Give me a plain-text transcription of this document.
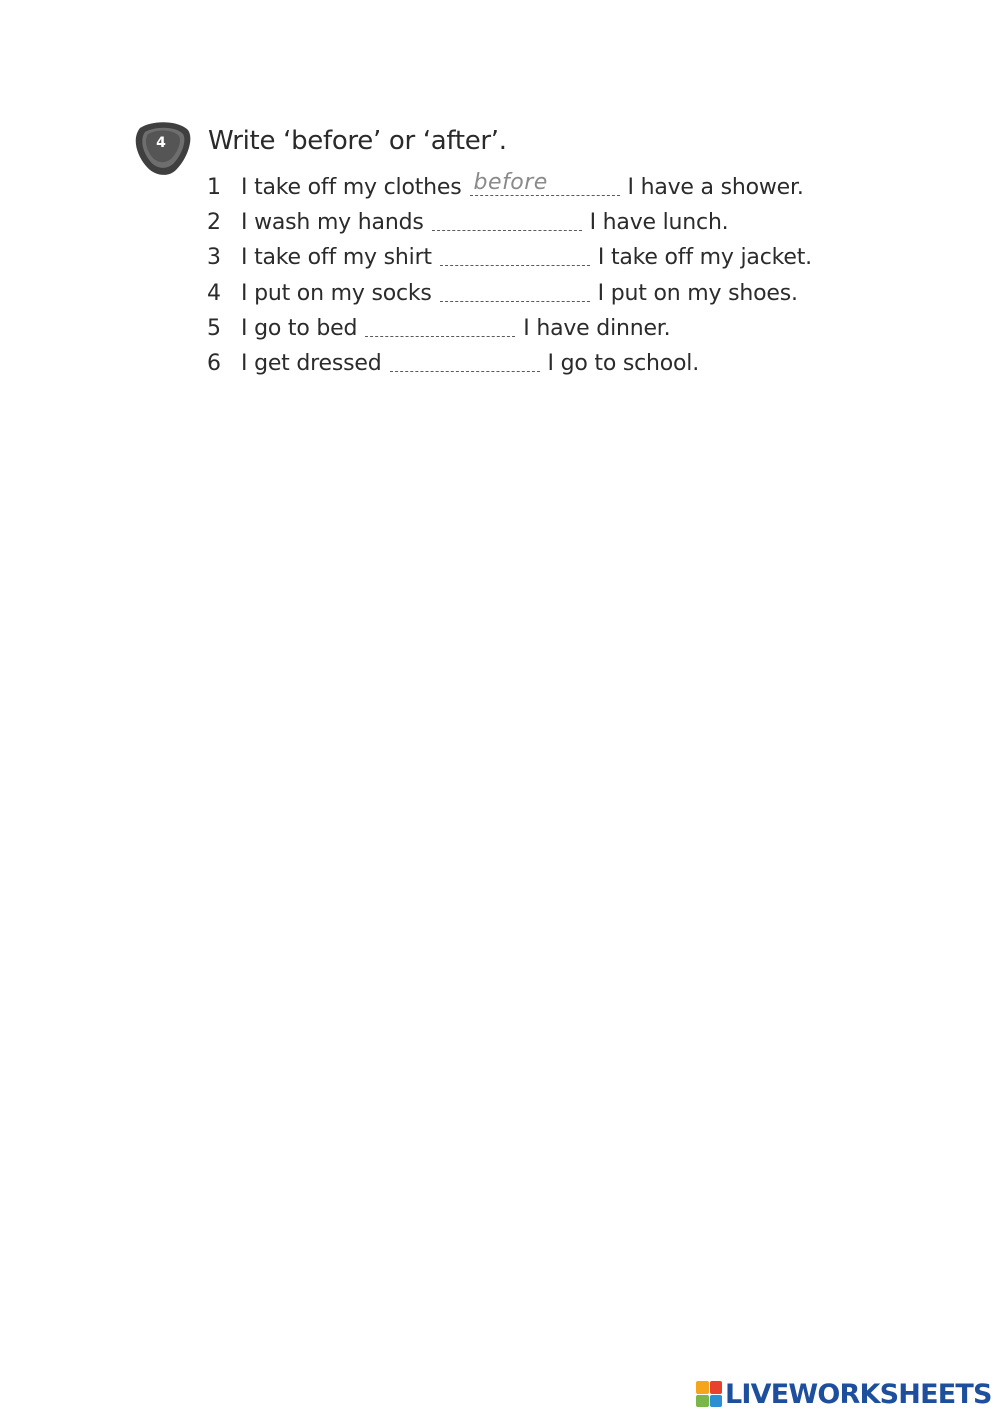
4	Write ‘before’ or ‘after’.
1 I take off my clothes before	I have a shower.
2 I wash my hands	I have lunch.
3 I take off my shirt	I take off my jacket.
4 I put on my socks	I put on my shoes.
5 I go to bed	I have dinner.
6 I get dressed	I go to school.
LIVEWORKSHEETS
